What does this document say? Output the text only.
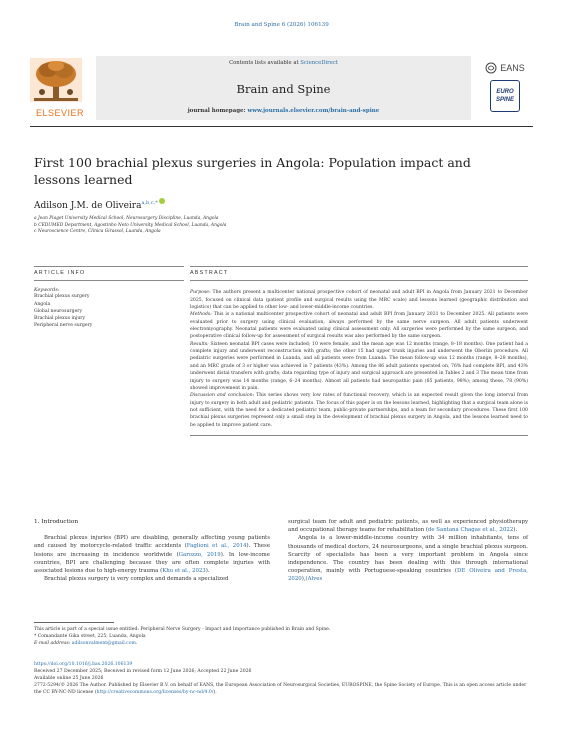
Brain and Spine 6 (2026) 106139
ELSEVIER
Contents lists available at ScienceDirect
Brain and Spine
journal homepage: www.journals.elsevier.com/brain-and-spine
EANS
EURO
SPINE
First 100 brachial plexus surgeries in Angola: Population impact and lessons learned
Adilson J.M. de Oliveira$^{a,b,c,*}$
a Jean Piaget University Medical School, Neurosurgery Discipline, Luanda, Angola
b CEDUMED Department, Agostinho Neto University Medical School, Luanda, Angola
c Neuroscience Centre, Clínica Girassol, Luanda, Angola
ARTICLE INFO
Keywords:
Brachial plexus surgery
Angola
Global neurosurgery
Brachial plexus injury
Peripheral nerve surgery
ABSTRACT

Purpose: The authors present a multicenter national prospective cohort of neonatal and adult BPI in Angola from January 2021 to December 2025, focused on clinical data (patient profile and surgical results using the MRC scale) and lessons learned (geographic distribution and logistics) that can be applied to other low- and lower-middle-income countries.

Methods: This is a national multicenter prospective cohort of neonatal and adult BPI from January 2021 to December 2025. All patients were evaluated prior to surgery using clinical evaluation, always performed by the same nerve surgeon. All adult patients underwent electromyography. Neonatal patients were evaluated using clinical assessment only. All surgeries were performed by the same surgeon, and postoperative clinical follow-up for assessment of surgical results was also performed by the same surgeon.

Results: Sixteen neonatal BPI cases were included; 10 were female, and the mean age was 12 months (range, 8–18 months). One patient had a complete injury and underwent reconstruction with grafts; the other 15 had upper trunk injuries and underwent the Oberlin procedure. All pediatric surgeries were performed in Luanda, and all patients were from Luanda. The mean follow-up was 12 months (range, 8–28 months), and an MRC grade of 3 or higher was achieved in 7 patients (43%). Among the 86 adult patients operated on, 76% had complete BPI, and 43% underwent distal transfers with grafts; data regarding type of injury and surgical approach are presented in Tables 2 and 3 The mean time from injury to surgery was 14 months (range, 6–24 months). Almost all patients had neuropathic pain (85 patients, 98%); among these, 78 (90%) showed improvement in pain.

Discussion and conclusion: This series shows very low rates of functional recovery, which is an expected result given the long interval from injury to surgery in both adult and pediatric patients. The focus of this paper is on the lessons learned, highlighting that a surgical team alone is not sufficient, with the need for a dedicated pediatric team, public-private partnerships, and a team for secondary procedures. These first 100 brachial plexus surgeries represent only a small step in the development of brachial plexus surgery in Angola, and the lessons learned need to be applied to improve patient care.

1. Introduction

Brachial plexus injuries (BPI) are disabling, generally affecting young patients and caused by motorcycle-related traffic accidents (Faglioni et al., 2014). These lesions are increasing in incidence worldwide (Garozzo, 2019). In low-income countries, BPI are challenging because they are often complete injuries with associated lesions due to high-energy trauma (Khu et al., 2023).

Brachial plexus surgery is very complex and demands a specialized

surgical team for adult and pediatric patients, as well as experienced physiotherapy and occupational therapy teams for rehabilitation (de Santana Chagas et al., 2022).

Angola is a lower-middle-income country with 34 million inhabitants, tens of thousands of medical doctors, 24 neurosurgeons, and a single brachial plexus surgeon. Scarcity of specialists has been a very important problem in Angola since independence. The country has been dealing with this through international cooperation, mainly with Portuguese-speaking countries (DE Oliveira and Presta, 2020),(Alves

This article is part of a special issue entitled: Peripheral Nerve Surgery - Impact and Importance published in Brain and Spine.
* Comandante Gika street, 225, Luanda, Angola
E-mail address: adilsonvalment@gmail.com.
https://doi.org/10.1016/j.bas.2026.106139
Received 27 December 2025; Received in revised form 12 June 2026; Accepted 22 June 2026
Available online 25 June 2026
2772-5294/© 2026 The Author. Published by Elsevier B.V. on behalf of EANS, the European Association of Neurosurgical Societies, EUROSPINE, the Spine Society of Europe. This is an open access article under the CC BY-NC-ND license (http://creativecommons.org/licenses/by-nc-nd/4.0/).
